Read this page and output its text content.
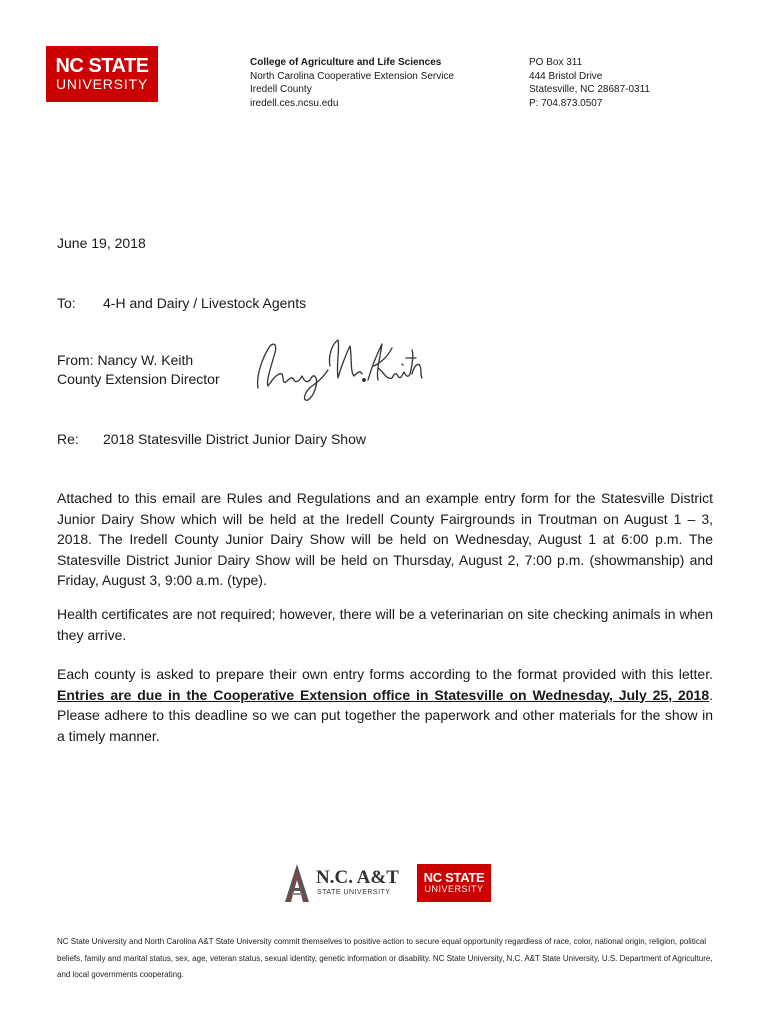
NC STATE
UNIVERSITY
College of Agriculture and Life Sciences
North Carolina Cooperative Extension Service
Iredell County
iredell.ces.ncsu.edu
PO Box 311
444 Bristol Drive
Statesville, NC 28687-0311
P: 704.873.0507
June 19, 2018
To: 4-H and Dairy / Livestock Agents
From: Nancy W. Keith
County Extension Director
Re: 2018 Statesville District Junior Dairy Show
Attached to this email are Rules and Regulations and an example entry form for the Statesville District Junior Dairy Show which will be held at the Iredell County Fairgrounds in Troutman on August 1 – 3, 2018. The Iredell County Junior Dairy Show will be held on Wednesday, August 1 at 6:00 p.m. The Statesville District Junior Dairy Show will be held on Thursday, August 2, 7:00 p.m. (showmanship) and Friday, August 3, 9:00 a.m. (type).
Health certificates are not required; however, there will be a veterinarian on site checking animals in when they arrive.
Each county is asked to prepare their own entry forms according to the format provided with this letter. Entries are due in the Cooperative Extension office in Statesville on Wednesday, July 25, 2018. Please adhere to this deadline so we can put together the paperwork and other materials for the show in a timely manner.
N.C. A&T
STATE UNIVERSITY
NC STATE
UNIVERSITY
NC State University and North Carolina A&T State University commit themselves to positive action to secure equal opportunity regardless of race, color, national origin, religion, political beliefs, family and marital status, sex, age, veteran status, sexual identity, genetic information or disability. NC State University, N.C. A&T State University, U.S. Department of Agriculture, and local governments cooperating.
